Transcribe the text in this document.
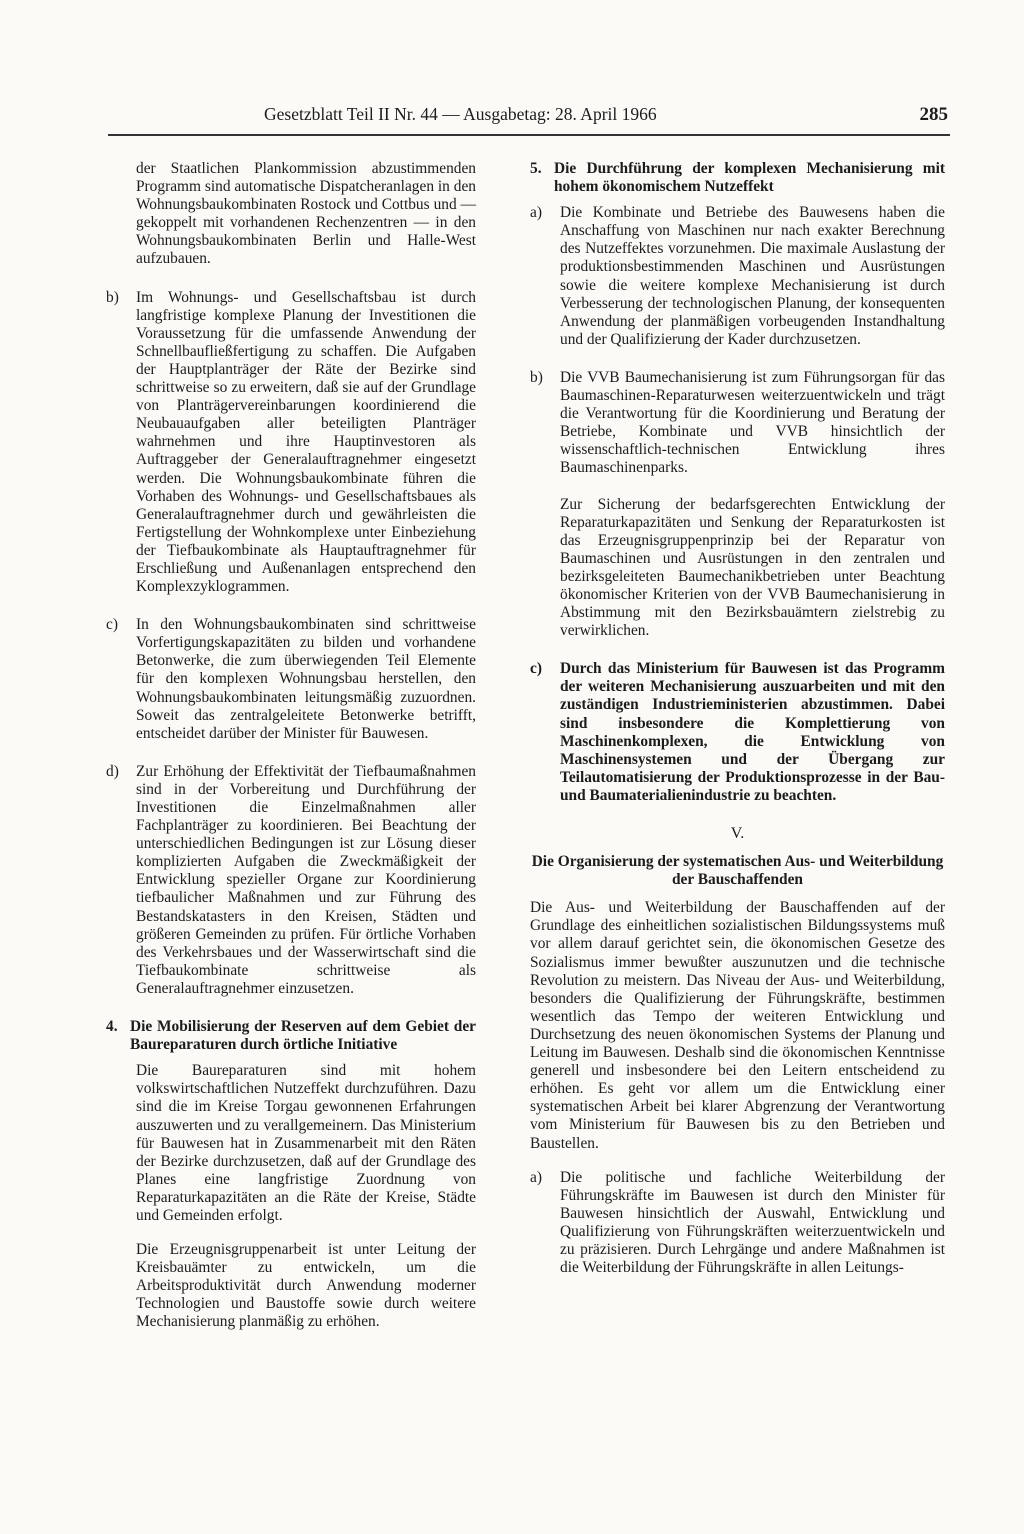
Gesetzblatt Teil II Nr. 44 — Ausgabetag: 28. April 1966	285

der Staatlichen Plankommission abzustimmenden Programm sind automatische Dispatcheranlagen in den Wohnungsbaukombinaten Rostock und Cottbus und — gekoppelt mit vorhandenen Rechenzentren — in den Wohnungsbaukombinaten Berlin und Halle-West aufzubauen.

b) Im Wohnungs- und Gesellschaftsbau ist durch langfristige komplexe Planung der Investitionen die Voraussetzung für die umfassende Anwendung der Schnellbaufließfertigung zu schaffen. Die Aufgaben der Hauptplanträger der Räte der Bezirke sind schrittweise so zu erweitern, daß sie auf der Grundlage von Planträgervereinbarungen koordinierend die Neubauaufgaben aller beteiligten Planträger wahrnehmen und ihre Hauptinvestoren als Auftraggeber der Generalauftragnehmer eingesetzt werden. Die Wohnungsbaukombinate führen die Vorhaben des Wohnungs- und Gesellschaftsbaues als Generalauftragnehmer durch und gewährleisten die Fertigstellung der Wohnkomplexe unter Einbeziehung der Tiefbaukombinate als Hauptauftragnehmer für Erschließung und Außenanlagen entsprechend den Komplexzyklogrammen.

c) In den Wohnungsbaukombinaten sind schrittweise Vorfertigungskapazitäten zu bilden und vorhandene Betonwerke, die zum überwiegenden Teil Elemente für den komplexen Wohnungsbau herstellen, den Wohnungsbaukombinaten leitungsmäßig zuzuordnen. Soweit das zentralgeleitete Betonwerke betrifft, entscheidet darüber der Minister für Bauwesen.

d) Zur Erhöhung der Effektivität der Tiefbaumaßnahmen sind in der Vorbereitung und Durchführung der Investitionen die Einzelmaßnahmen aller Fachplanträger zu koordinieren. Bei Beachtung der unterschiedlichen Bedingungen ist zur Lösung dieser komplizierten Aufgaben die Zweckmäßigkeit der Entwicklung spezieller Organe zur Koordinierung tiefbaulicher Maßnahmen und zur Führung des Bestandskatasters in den Kreisen, Städten und größeren Gemeinden zu prüfen. Für örtliche Vorhaben des Verkehrsbaues und der Wasserwirtschaft sind die Tiefbaukombinate schrittweise als Generalauftragnehmer einzusetzen.

4. Die Mobilisierung der Reserven auf dem Gebiet der Baureparaturen durch örtliche Initiative

Die Baureparaturen sind mit hohem volkswirtschaftlichen Nutzeffekt durchzuführen. Dazu sind die im Kreise Torgau gewonnenen Erfahrungen auszuwerten und zu verallgemeinern. Das Ministerium für Bauwesen hat in Zusammenarbeit mit den Räten der Bezirke durchzusetzen, daß auf der Grundlage des Planes eine langfristige Zuordnung von Reparaturkapazitäten an die Räte der Kreise, Städte und Gemeinden erfolgt.

Die Erzeugnisgruppenarbeit ist unter Leitung der Kreisbauämter zu entwickeln, um die Arbeitsproduktivität durch Anwendung moderner Technologien und Baustoffe sowie durch weitere Mechanisierung planmäßig zu erhöhen.

5. Die Durchführung der komplexen Mechanisierung mit hohem ökonomischem Nutzeffekt

a) Die Kombinate und Betriebe des Bauwesens haben die Anschaffung von Maschinen nur nach exakter Berechnung des Nutzeffektes vorzunehmen. Die maximale Auslastung der produktionsbestimmenden Maschinen und Ausrüstungen sowie die weitere komplexe Mechanisierung ist durch Verbesserung der technologischen Planung, der konsequenten Anwendung der planmäßigen vorbeugenden Instandhaltung und der Qualifizierung der Kader durchzusetzen.

b) Die VVB Baumechanisierung ist zum Führungsorgan für das Baumaschinen-Reparaturwesen weiterzuentwickeln und trägt die Verantwortung für die Koordinierung und Beratung der Betriebe, Kombinate und VVB hinsichtlich der wissenschaftlich-technischen Entwicklung ihres Baumaschinenparks.

Zur Sicherung der bedarfsgerechten Entwicklung der Reparaturkapazitäten und Senkung der Reparaturkosten ist das Erzeugnisgruppenprinzip bei der Reparatur von Baumaschinen und Ausrüstungen in den zentralen und bezirksgeleiteten Baumechanikbetrieben unter Beachtung ökonomischer Kriterien von der VVB Baumechanisierung in Abstimmung mit den Bezirksbauämtern zielstrebig zu verwirklichen.

c) Durch das Ministerium für Bauwesen ist das Programm der weiteren Mechanisierung auszuarbeiten und mit den zuständigen Industrieministerien abzustimmen. Dabei sind insbesondere die Komplettierung von Maschinenkomplexen, die Entwicklung von Maschinensystemen und der Übergang zur Teilautomatisierung der Produktionsprozesse in der Bau- und Baumaterialienindustrie zu beachten.

V.
Die Organisierung der systematischen Aus- und Weiterbildung der Bauschaffenden

Die Aus- und Weiterbildung der Bauschaffenden auf der Grundlage des einheitlichen sozialistischen Bildungssystems muß vor allem darauf gerichtet sein, die ökonomischen Gesetze des Sozialismus immer bewußter auszunutzen und die technische Revolution zu meistern. Das Niveau der Aus- und Weiterbildung, besonders die Qualifizierung der Führungskräfte, bestimmen wesentlich das Tempo der weiteren Entwicklung und Durchsetzung des neuen ökonomischen Systems der Planung und Leitung im Bauwesen. Deshalb sind die ökonomischen Kenntnisse generell und insbesondere bei den Leitern entscheidend zu erhöhen. Es geht vor allem um die Entwicklung einer systematischen Arbeit bei klarer Abgrenzung der Verantwortung vom Ministerium für Bauwesen bis zu den Betrieben und Baustellen.

a) Die politische und fachliche Weiterbildung der Führungskräfte im Bauwesen ist durch den Minister für Bauwesen hinsichtlich der Auswahl, Entwicklung und Qualifizierung von Führungskräften weiterzuentwickeln und zu präzisieren. Durch Lehrgänge und andere Maßnahmen ist die Weiterbildung der Führungskräfte in allen Leitungs-
